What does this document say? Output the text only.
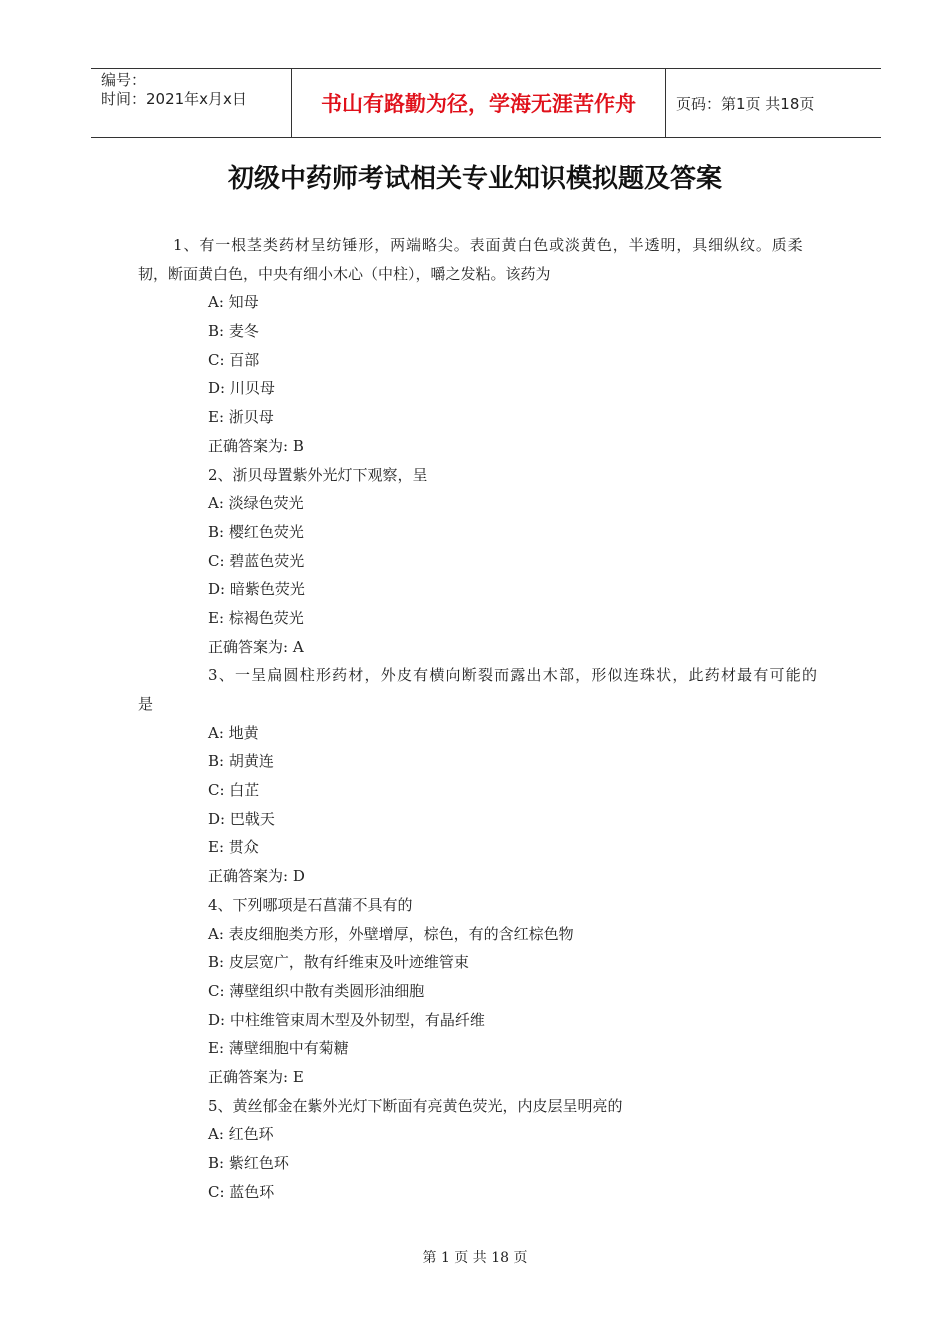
编号：
时间：2021年x月x日	书山有路勤为径，学海无涯苦作舟	页码：第1页 共18页
初级中药师考试相关专业知识模拟题及答案
1、有一根茎类药材呈纺锤形，两端略尖。表面黄白色或淡黄色，半透明，具细纵纹。质柔
韧，断面黄白色，中央有细小木心（中柱），嚼之发粘。该药为
A: 知母
B: 麦冬
C: 百部
D: 川贝母
E: 浙贝母
正确答案为: B
2、浙贝母置紫外光灯下观察，呈
A: 淡绿色荧光
B: 樱红色荧光
C: 碧蓝色荧光
D: 暗紫色荧光
E: 棕褐色荧光
正确答案为: A
3、一呈扁圆柱形药材，外皮有横向断裂而露出木部，形似连珠状，此药材最有可能的
是
A: 地黄
B: 胡黄连
C: 白芷
D: 巴戟天
E: 贯众
正确答案为: D
4、下列哪项是石菖蒲不具有的
A: 表皮细胞类方形，外壁增厚，棕色，有的含红棕色物
B: 皮层宽广，散有纤维束及叶迹维管束
C: 薄壁组织中散有类圆形油细胞
D: 中柱维管束周木型及外韧型，有晶纤维
E: 薄壁细胞中有菊糖
正确答案为: E
5、黄丝郁金在紫外光灯下断面有亮黄色荧光，内皮层呈明亮的
A: 红色环
B: 紫红色环
C: 蓝色环
第 1 页 共 18 页
